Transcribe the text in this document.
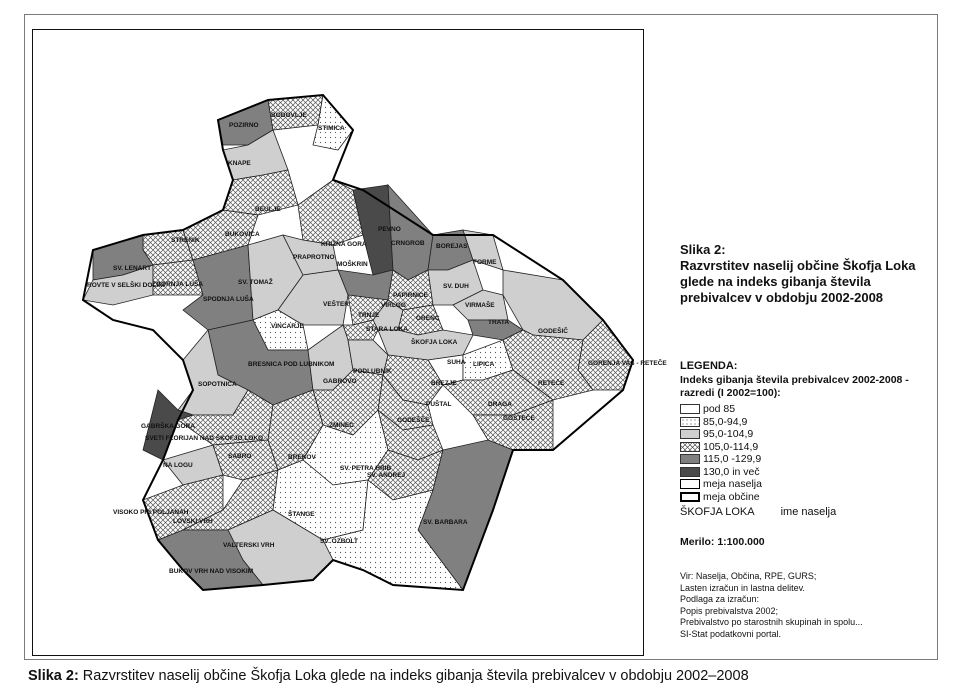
POZIRNO
BODOVLJE
STIMICA
KNAPE
BEULJE
STRENIK
BUKOVICA
SV. LENART
ROVTE V SELŠKI DOLINI
ZGORNJA LUŠA
SPODNJA LUŠA
SV. TOMAŽ
KRIŽNA GORA
PRAPROTNO
PEVNO
CRNGROB BOREJAS
FORME
MOŠKRIN
VEŠTER
VINCARJE
PAPIRNICE
VIRLOG
TRNJE
STARA LOKA
GRENC
SV. DUH
VIRMAŠE
TRATA
GODEŠIČ
ŠKOFJA LOKA
SUHA LIPICA	GORENJA VAS - RETEČE
RETEČE
BRESNICA POD LUBNIKOM
SOPOTNICA	GABROVO
PODLUBNIK
BREZJE
PUŠTAL	DRAGA
GOSTEČE
ZMINEC
GODEŠČE
GABRŠKA GORA
SVETI FLORIJAN NAD ŠKOFJO LOKO
NA LOGU
SABRO	BREKOV
SV. PETRA HRIB
SV. ANDREJ
SV. BARBARA
VISOKO PRI POLJANAH
LOVSKI VRH
ŠTANGE
SV. OZBOLT
VALTERSKI VRH
BUKOV VRH NAD VISOKIM
Slika 2:
Razvrstitev naselij občine Škofja Loka
glede na indeks gibanja števila
prebivalcev v obdobju 2002-2008
LEGENDA:
Indeks gibanja števila prebivalcev 2002-2008 -
razredi (I 2002=100):
pod 85
85,0-94,9
95,0-104,9
105,0-114,9
115,0 -129,9
130,0 in več
meja naselja
meja občine
ŠKOFJA LOKA ime naselja
Merilo: 1:100.000
Vir: Naselja, Občina, RPE, GURS;
Lasten izračun in lastna delitev.
Podlaga za izračun:
Popis prebivalstva 2002;
Prebivalstvo po starostnih skupinah in spolu...
SI-Stat podatkovni portal.
Slika 2: Razvrstitev naselij občine Škofja Loka glede na indeks gibanja števila prebivalcev v obdobju 2002–2008
